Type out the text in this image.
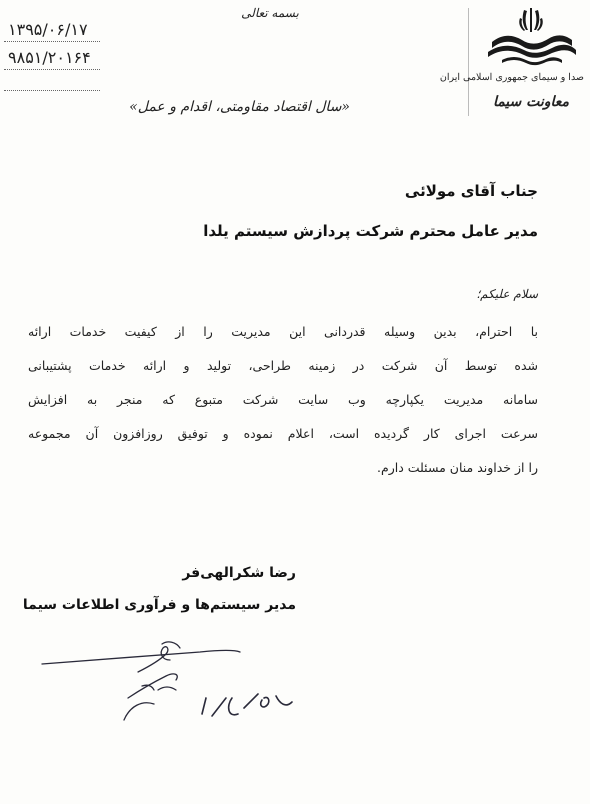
۱۳۹۵/۰۶/۱۷
۹۸۵۱/۲۰۱۶۴
بسمه تعالی
«سال اقتصاد مقاومتی، اقدام و عمل»
صدا و سیمای جمهوری اسلامی ایران
معاونت سیما
جناب آقای مولائی
مدیر عامل محترم شرکت پردازش سیستم یلدا
سلام علیکم؛
با احترام، بدین وسیله قدردانی این مدیریت را از کیفیت خدمات ارائه
شده توسط آن شرکت در زمینه طراحی، تولید و ارائه خدمات پشتیبانی
سامانه مدیریت یکپارچه وب سایت شرکت متبوع که منجر به افزایش
سرعت اجرای کار گردیده است، اعلام نموده و توفیق روزافزون آن مجموعه
را از خداوند منان مسئلت دارم.
رضا شکرالهی‌فر
مدیر سیستم‌ها و فرآوری اطلاعات سیما
